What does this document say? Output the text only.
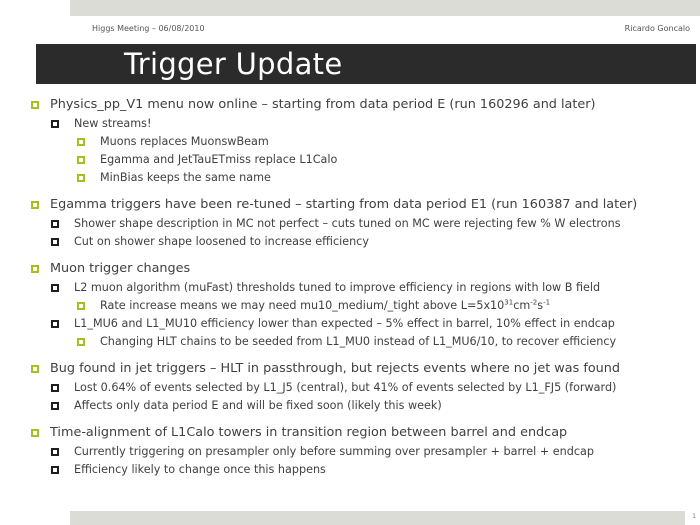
Higgs Meeting – 06/08/2010	Ricardo Goncalo
Trigger Update
Physics_pp_V1 menu now online – starting from data period E (run 160296 and later)
New streams!
Muons replaces MuonswBeam
Egamma and JetTauETmiss replace L1Calo
MinBias keeps the same name
Egamma triggers have been re-tuned – starting from data period E1 (run 160387 and later)
Shower shape description in MC not perfect – cuts tuned on MC were rejecting few % W electrons
Cut on shower shape loosened to increase efficiency
Muon trigger changes
L2 muon algorithm (muFast) thresholds tuned to improve efficiency in regions with low B field
Rate increase means we may need mu10_medium/_tight above $L=5x10^{31}cm^{-2}s^{-1}$
L1_MU6 and L1_MU10 efficiency lower than expected – 5% effect in barrel, 10% effect in endcap
Changing HLT chains to be seeded from L1_MU0 instead of L1_MU6/10, to recover efficiency
Bug found in jet triggers – HLT in passthrough, but rejects events where no jet was found
Lost 0.64% of events selected by L1_J5 (central), but 41% of events selected by L1_FJ5 (forward)
Affects only data period E and will be fixed soon (likely this week)
Time-alignment of L1Calo towers in transition region between barrel and endcap
Currently triggering on presampler only before summing over presampler + barrel + endcap
Efficiency likely to change once this happens
1
